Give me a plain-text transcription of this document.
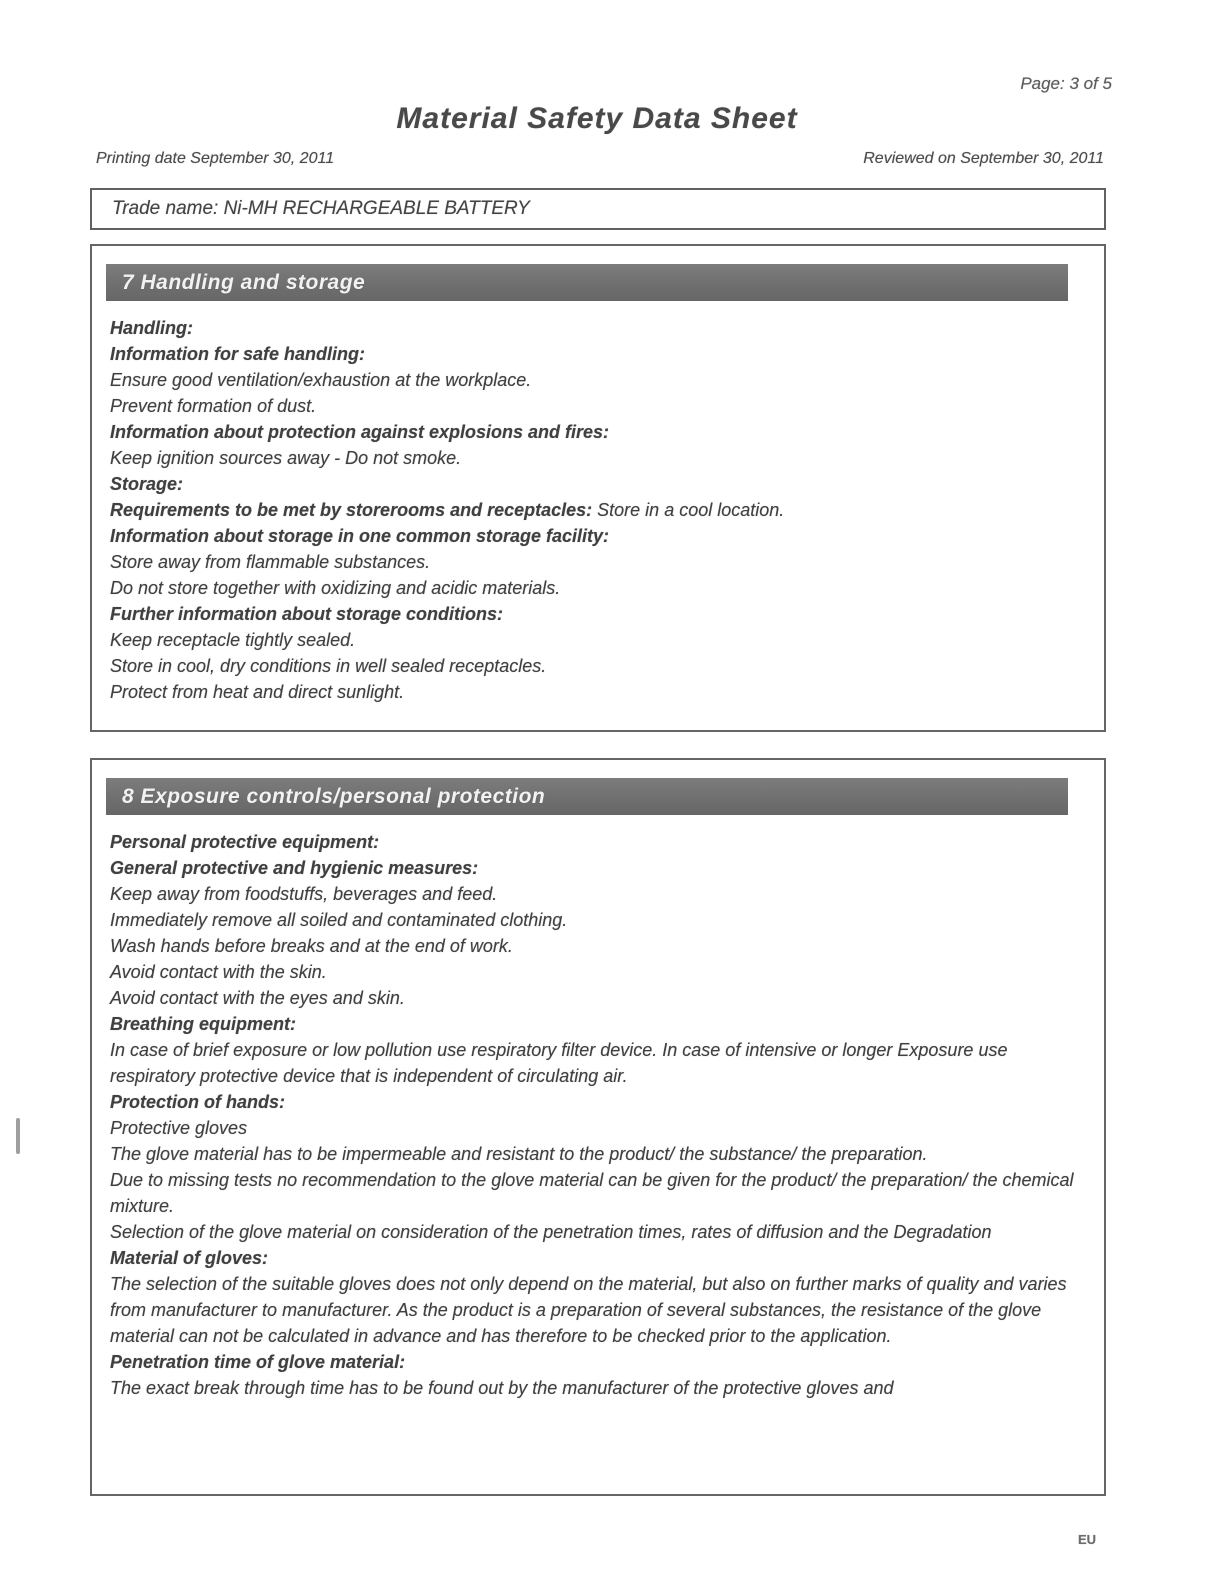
Page: 3 of 5
Material Safety Data Sheet
Printing date September 30, 2011	Reviewed on September 30, 2011
Trade name: Ni-MH RECHARGEABLE BATTERY
7 Handling and storage
Handling:
Information for safe handling:
Ensure good ventilation/exhaustion at the workplace.
Prevent formation of dust.
Information about protection against explosions and fires:
Keep ignition sources away - Do not smoke.
Storage:
Requirements to be met by storerooms and receptacles: Store in a cool location.
Information about storage in one common storage facility:
Store away from flammable substances.
Do not store together with oxidizing and acidic materials.
Further information about storage conditions:
Keep receptacle tightly sealed.
Store in cool, dry conditions in well sealed receptacles.
Protect from heat and direct sunlight.
8 Exposure controls/personal protection
Personal protective equipment:
General protective and hygienic measures:
Keep away from foodstuffs, beverages and feed.
Immediately remove all soiled and contaminated clothing.
Wash hands before breaks and at the end of work.
Avoid contact with the skin.
Avoid contact with the eyes and skin.
Breathing equipment:
In case of brief exposure or low pollution use respiratory filter device. In case of intensive or longer Exposure use respiratory protective device that is independent of circulating air.
Protection of hands:
Protective gloves
The glove material has to be impermeable and resistant to the product/ the substance/ the preparation.
Due to missing tests no recommendation to the glove material can be given for the product/ the preparation/ the chemical mixture.
Selection of the glove material on consideration of the penetration times, rates of diffusion and the Degradation
Material of gloves:
The selection of the suitable gloves does not only depend on the material, but also on further marks of quality and varies from manufacturer to manufacturer. As the product is a preparation of several substances, the resistance of the glove material can not be calculated in advance and has therefore to be checked prior to the application.
Penetration time of glove material:
The exact break through time has to be found out by the manufacturer of the protective gloves and
EU
